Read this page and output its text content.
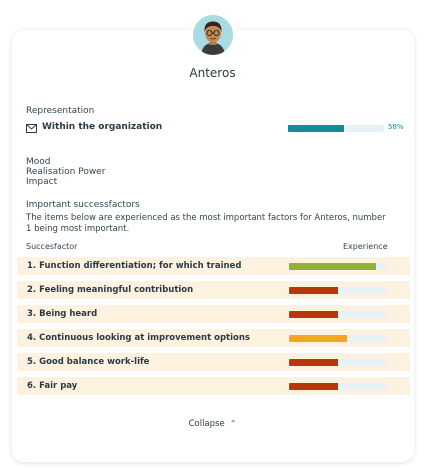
Anteros
Representation
Within the organization	58%
Mood
Realisation Power
Impact
Important successfactors
The items below are experienced as the most important factors for Anteros, number 1 being most important.
Succesfactor	Experience
1. Function differentiation; for which trained
2. Feeling meaningful contribution
3. Being heard
4. Continuous looking at improvement options
5. Good balance work-life
6. Fair pay
Collapse ⌃
